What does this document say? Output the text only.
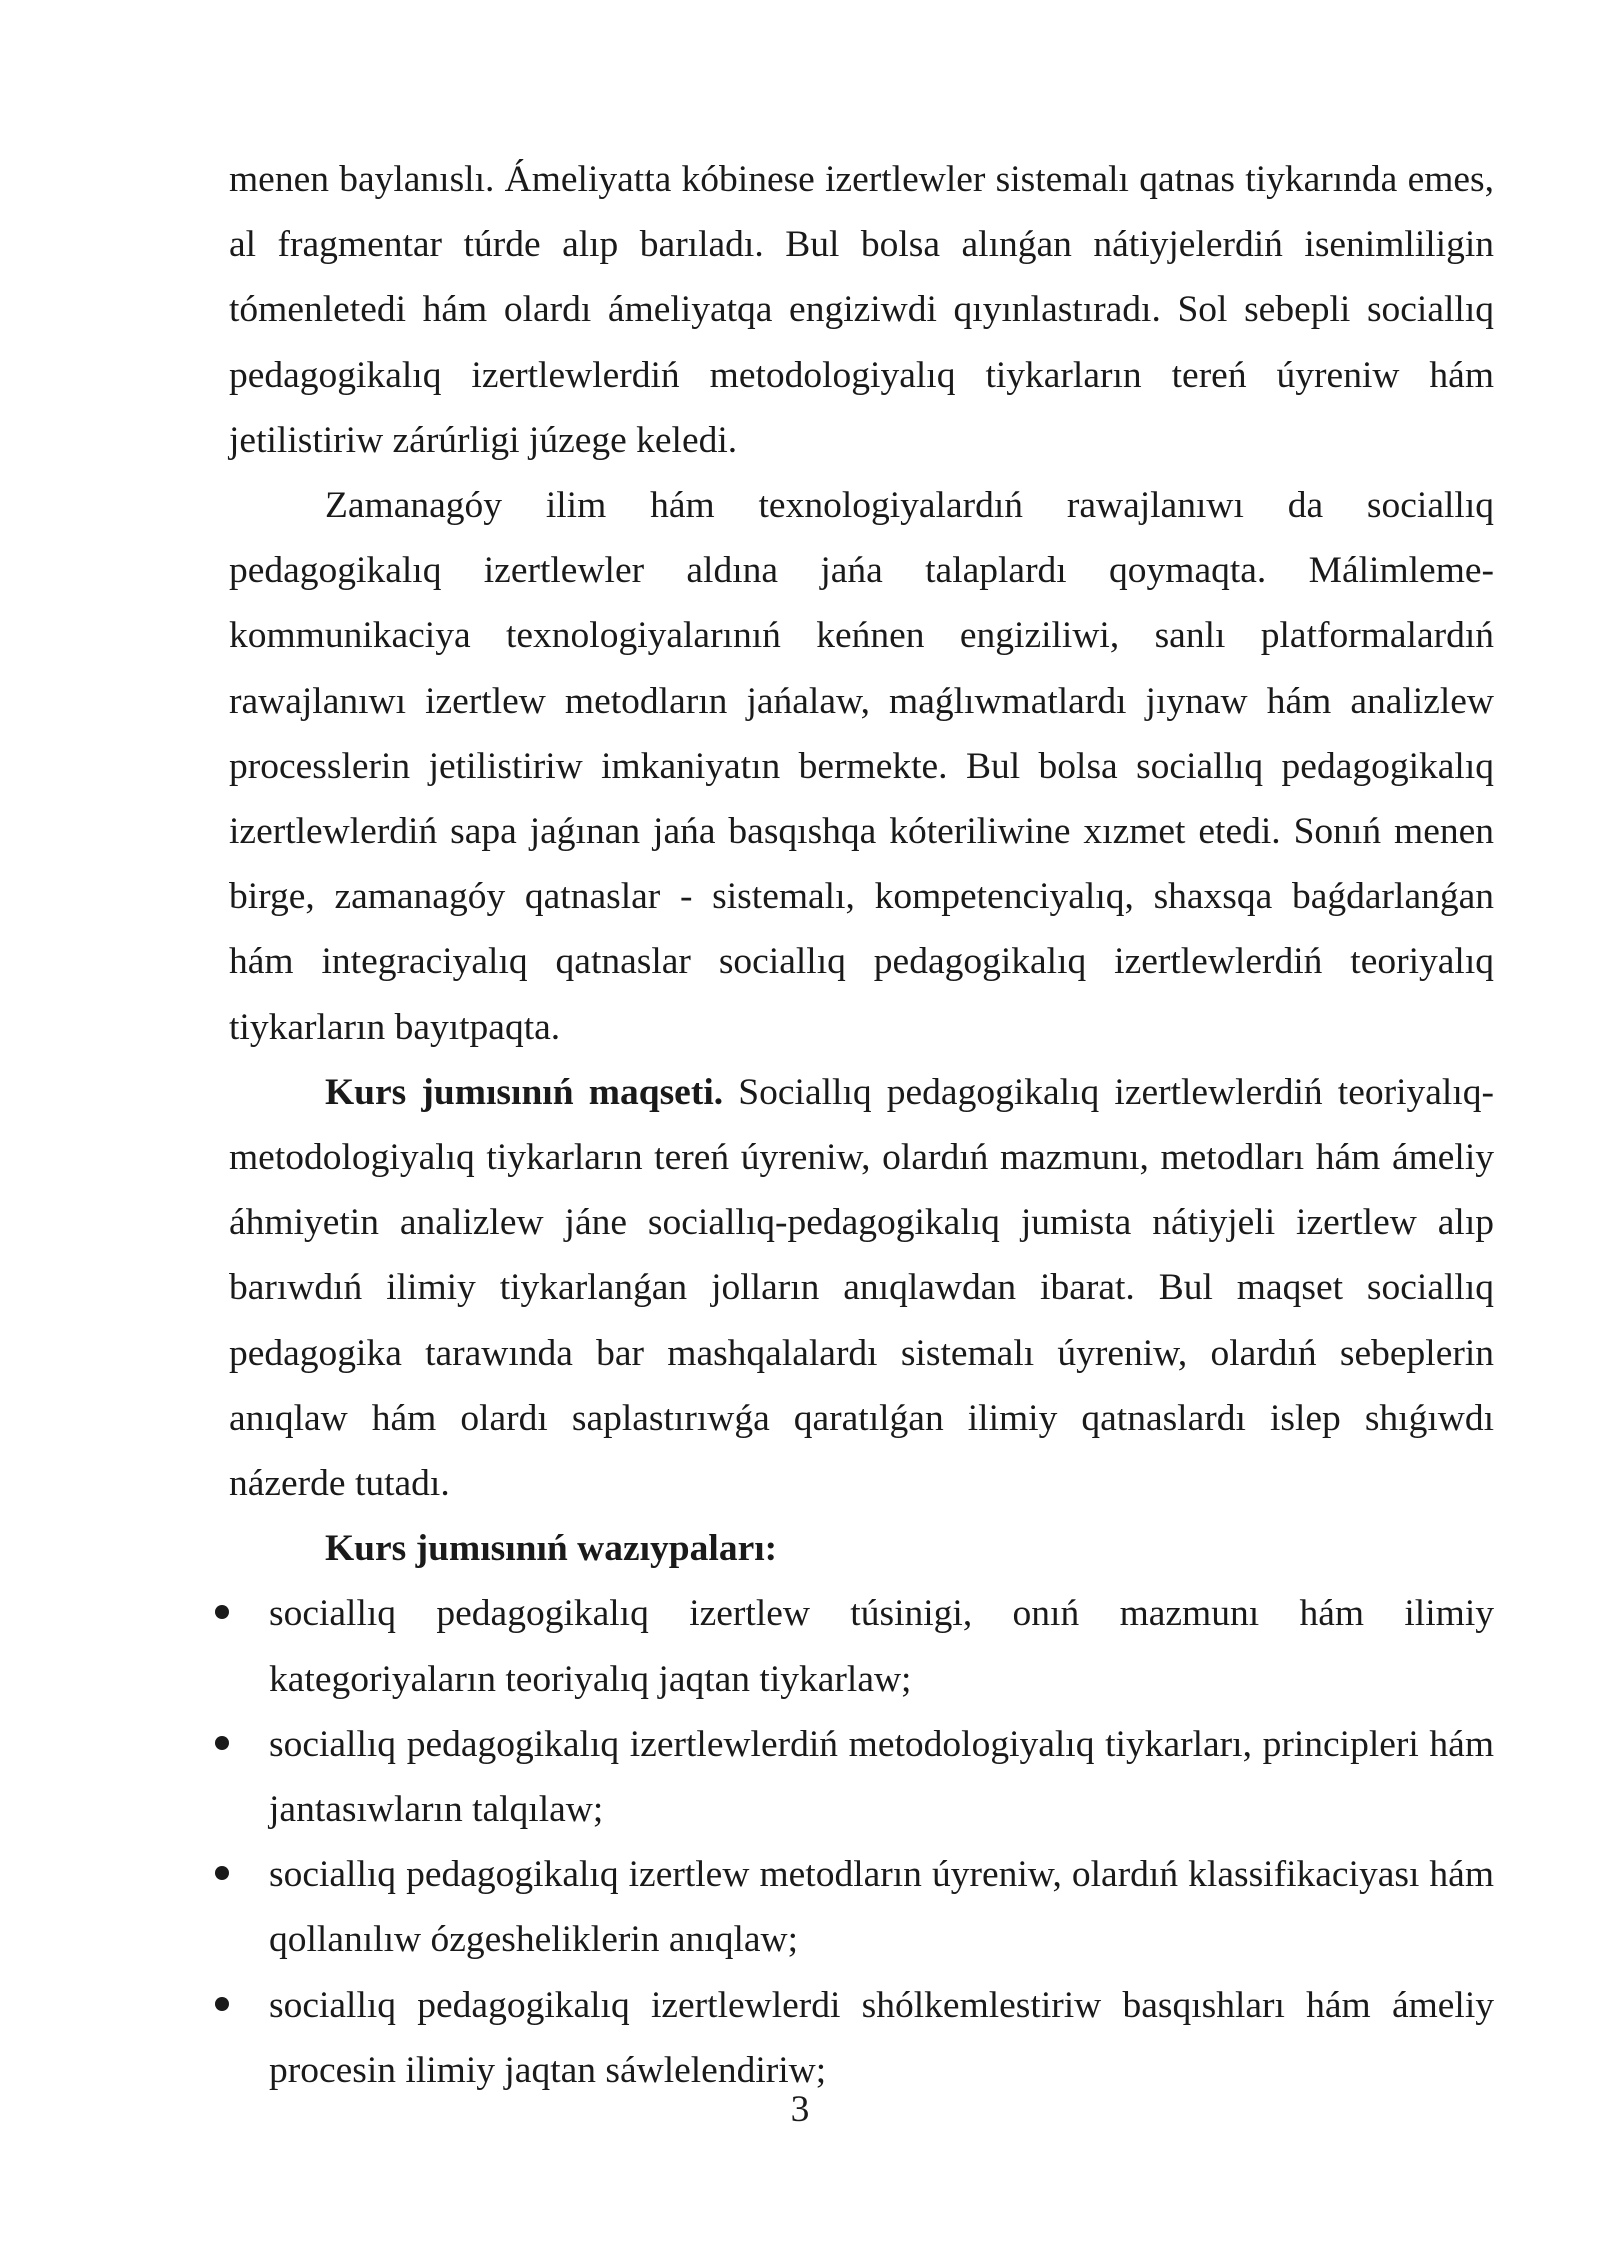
menen baylanıslı. Ámeliyatta kóbinese izertlewler sistemalı qatnas tiykarında emes, al fragmentar túrde alıp barıladı. Bul bolsa alınǵan nátiyjelerdiń isenimliligin tómenletedi hám olardı ámeliyatqa engiziwdi qıyınlastıradı. Sol sebepli sociallıq pedagogikalıq izertlewlerdiń metodologiyalıq tiykarların tereń úyreniw hám jetilistiriw zárúrligi júzege keledi.

Zamanagóy ilim hám texnologiyalardıń rawajlanıwı da sociallıq pedagogikalıq izertlewler aldına jańa talaplardı qoymaqta. Málimleme-kommunikaciya texnologiyalarınıń keńnen engiziliwi, sanlı platformalardıń rawajlanıwı izertlew metodların jańalaw, maǵlıwmatlardı jıynaw hám analizlew processlerin jetilistiriw imkaniyatın bermekte. Bul bolsa sociallıq pedagogikalıq izertlewlerdiń sapa jaǵınan jańa basqıshqa kóteriliwine xızmet etedi. Sonıń menen birge, zamanagóy qatnaslar - sistemalı, kompetenciyalıq, shaxsqa baǵdarlanǵan hám integraciyalıq qatnaslar sociallıq pedagogikalıq izertlewlerdiń teoriyalıq tiykarların bayıtpaqta.

Kurs jumısınıń maqseti. Sociallıq pedagogikalıq izertlewlerdiń teoriyalıq-metodologiyalıq tiykarların tereń úyreniw, olardıń mazmunı, metodları hám ámeliy áhmiyetin analizlew jáne sociallıq-pedagogikalıq jumista nátiyjeli izertlew alıp barıwdıń ilimiy tiykarlanǵan jolların anıqlawdan ibarat. Bul maqset sociallıq pedagogika tarawında bar mashqalalardı sistemalı úyreniw, olardıń sebeplerin anıqlaw hám olardı saplastırıwǵa qaratılǵan ilimiy qatnaslardı islep shıǵıwdı názerde tutadı.

Kurs jumısınıń wazıypaları:

sociallıq pedagogikalıq izertlew túsinigi, onıń mazmunı hám ilimiy kategoriyaların teoriyalıq jaqtan tiykarlaw;
sociallıq pedagogikalıq izertlewlerdiń metodologiyalıq tiykarları, principleri hám jantasıwların talqılaw;
sociallıq pedagogikalıq izertlew metodların úyreniw, olardıń klassifikaciyası hám qollanılıw ózgesheliklerin anıqlaw;
sociallıq pedagogikalıq izertlewlerdi shólkemlestiriw basqıshları hám ámeliy procesin ilimiy jaqtan sáwlelendiriw;
3
